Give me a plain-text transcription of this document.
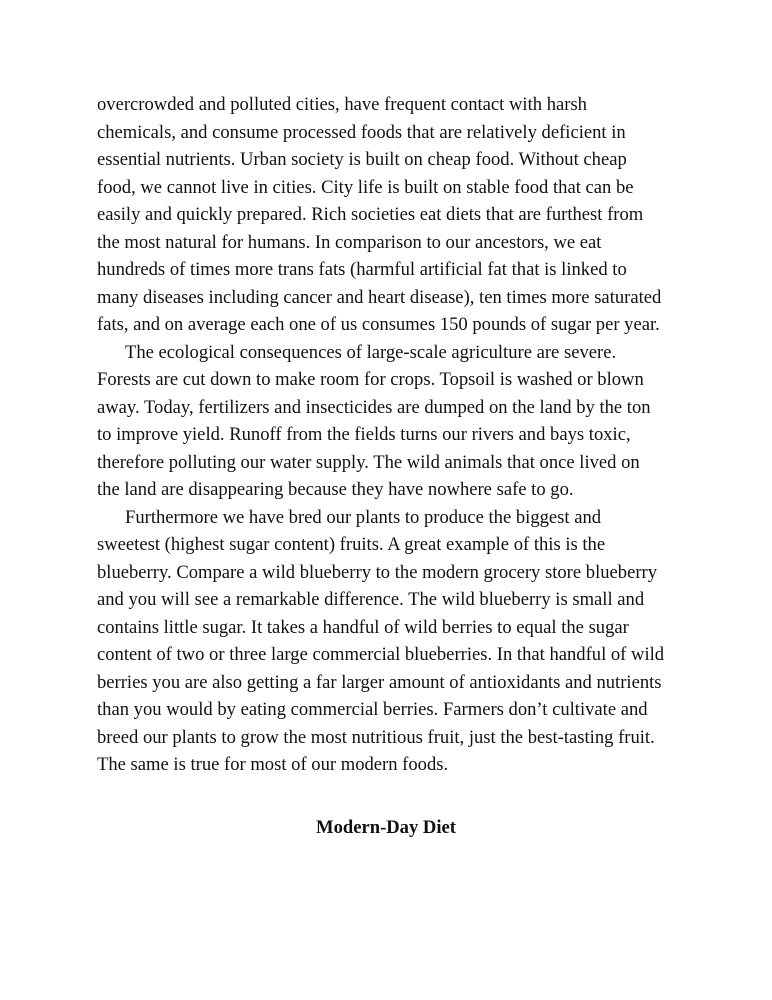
overcrowded and polluted cities, have frequent contact with harsh
chemicals, and consume processed foods that are relatively deficient in
essential nutrients. Urban society is built on cheap food. Without cheap
food, we cannot live in cities. City life is built on stable food that can be
easily and quickly prepared. Rich societies eat diets that are furthest from
the most natural for humans. In comparison to our ancestors, we eat
hundreds of times more trans fats (harmful artificial fat that is linked to
many diseases including cancer and heart disease), ten times more saturated
fats, and on average each one of us consumes 150 pounds of sugar per year.
The ecological consequences of large-scale agriculture are severe.
Forests are cut down to make room for crops. Topsoil is washed or blown
away. Today, fertilizers and insecticides are dumped on the land by the ton
to improve yield. Runoff from the fields turns our rivers and bays toxic,
therefore polluting our water supply. The wild animals that once lived on
the land are disappearing because they have nowhere safe to go.
Furthermore we have bred our plants to produce the biggest and
sweetest (highest sugar content) fruits. A great example of this is the
blueberry. Compare a wild blueberry to the modern grocery store blueberry
and you will see a remarkable difference. The wild blueberry is small and
contains little sugar. It takes a handful of wild berries to equal the sugar
content of two or three large commercial blueberries. In that handful of wild
berries you are also getting a far larger amount of antioxidants and nutrients
than you would by eating commercial berries. Farmers don’t cultivate and
breed our plants to grow the most nutritious fruit, just the best-tasting fruit.
The same is true for most of our modern foods.
Modern-Day Diet
